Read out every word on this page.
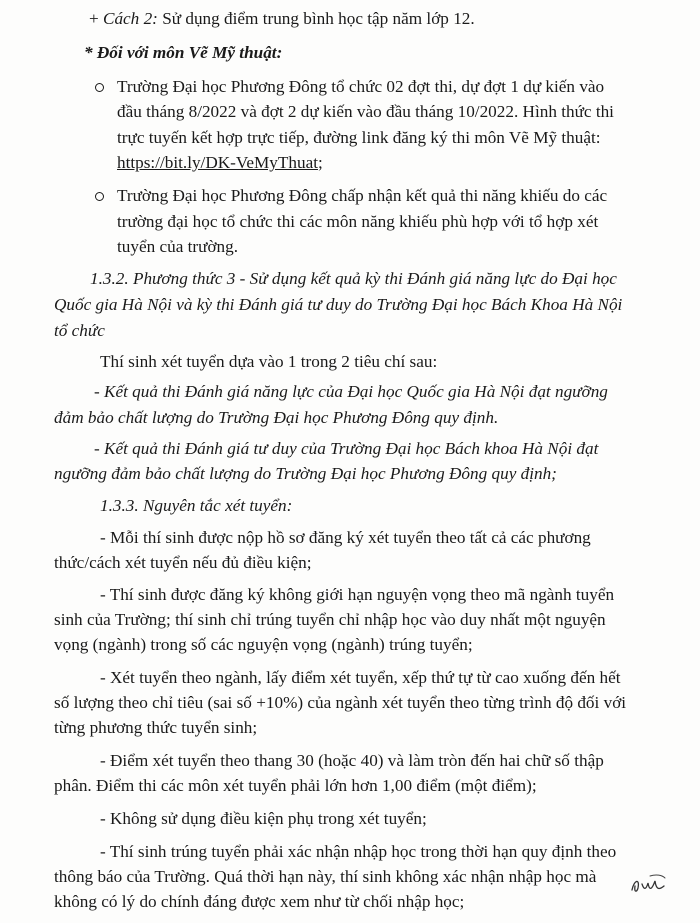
+ Cách 2: Sử dụng điểm trung bình học tập năm lớp 12.
* Đối với môn Vẽ Mỹ thuật:
Trường Đại học Phương Đông tổ chức 02 đợt thi, dự đợt 1 dự kiến vào
đầu tháng 8/2022 và đợt 2 dự kiến vào đầu tháng 10/2022. Hình thức thi
trực tuyến kết hợp trực tiếp, đường link đăng ký thi môn Vẽ Mỹ thuật:
https://bit.ly/DK-VeMyThuat;
Trường Đại học Phương Đông chấp nhận kết quả thi năng khiếu do các
trường đại học tổ chức thi các môn năng khiếu phù hợp với tổ hợp xét
tuyển của trường.
1.3.2. Phương thức 3 - Sử dụng kết quả kỳ thi Đánh giá năng lực do Đại học
Quốc gia Hà Nội và kỳ thi Đánh giá tư duy do Trường Đại học Bách Khoa Hà Nội
tổ chức
Thí sinh xét tuyển dựa vào 1 trong 2 tiêu chí sau:
- Kết quả thi Đánh giá năng lực của Đại học Quốc gia Hà Nội đạt ngưỡng
đảm bảo chất lượng do Trường Đại học Phương Đông quy định.
- Kết quả thi Đánh giá tư duy của Trường Đại học Bách khoa Hà Nội đạt
ngưỡng đảm bảo chất lượng do Trường Đại học Phương Đông quy định;
1.3.3. Nguyên tắc xét tuyển:
- Mỗi thí sinh được nộp hồ sơ đăng ký xét tuyển theo tất cả các phương
thức/cách xét tuyển nếu đủ điều kiện;
- Thí sinh được đăng ký không giới hạn nguyện vọng theo mã ngành tuyển
sinh của Trường; thí sinh chỉ trúng tuyển chỉ nhập học vào duy nhất một nguyện
vọng (ngành) trong số các nguyện vọng (ngành) trúng tuyển;
- Xét tuyển theo ngành, lấy điểm xét tuyển, xếp thứ tự từ cao xuống đến hết
số lượng theo chỉ tiêu (sai số +10%) của ngành xét tuyển theo từng trình độ đối với
từng phương thức tuyển sinh;
- Điểm xét tuyển theo thang 30 (hoặc 40) và làm tròn đến hai chữ số thập
phân. Điểm thi các môn xét tuyển phải lớn hơn 1,00 điểm (một điểm);
- Không sử dụng điều kiện phụ trong xét tuyển;
- Thí sinh trúng tuyển phải xác nhận nhập học trong thời hạn quy định theo
thông báo của Trường. Quá thời hạn này, thí sinh không xác nhận nhập học mà
không có lý do chính đáng được xem như từ chối nhập học;
